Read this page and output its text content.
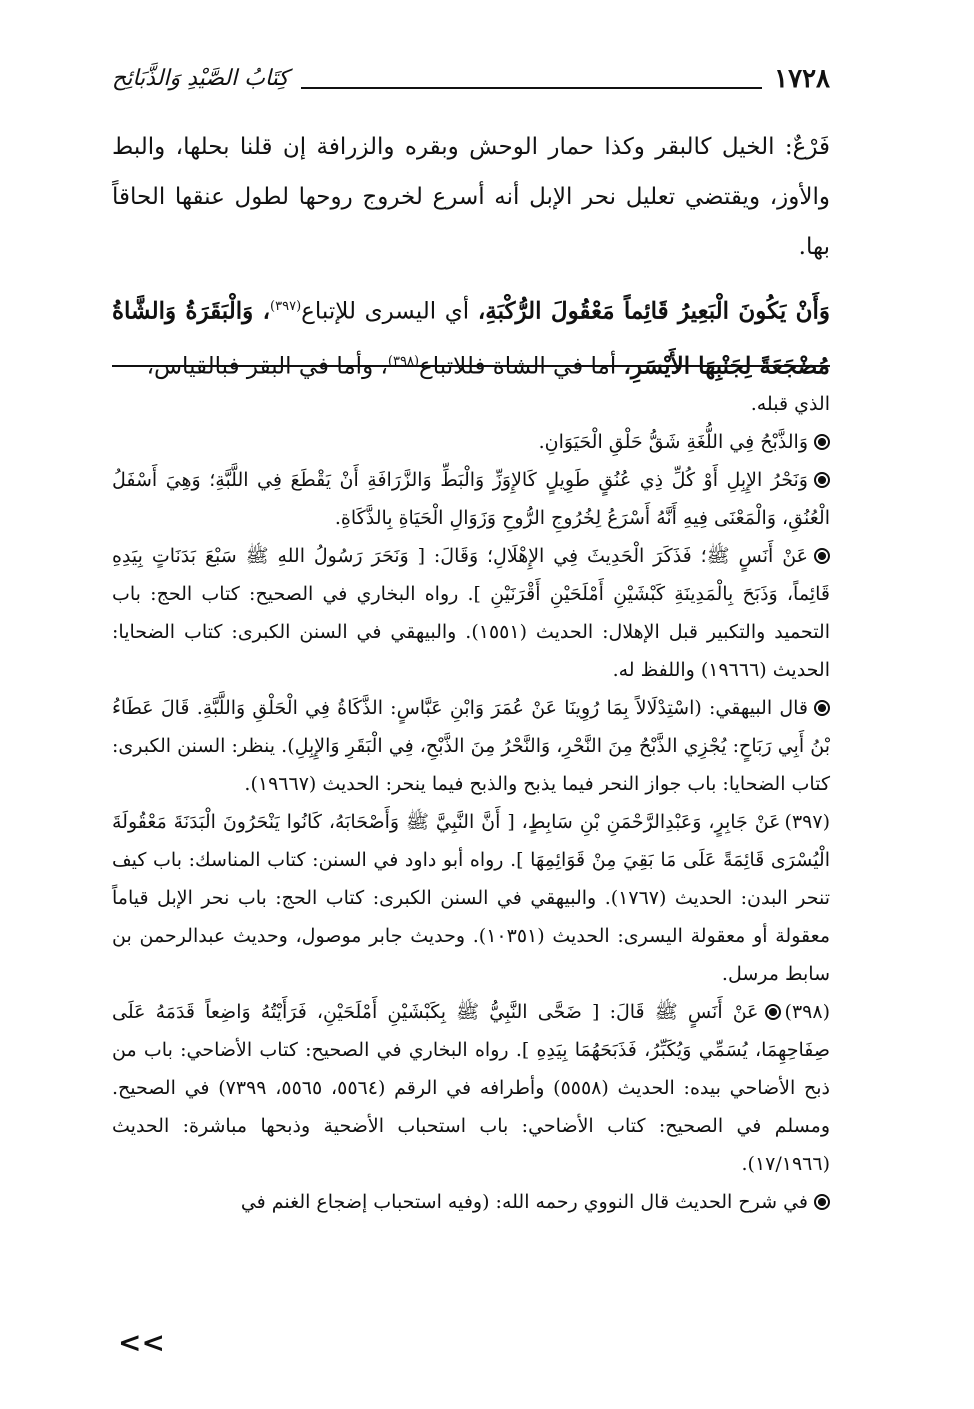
١٧٢٨
كِتَابُ الصَّيْدِ وَالذَّبَائِح

فَرْعٌ: الخيل كالبقر وكذا حمار الوحش وبقره والزرافة إن قلنا بحلها، والبط والأوز، ويقتضي تعليل نحر الإبل أنه أسرع لخروج روحها لطول عنقها الحاقاً بها.

وَأَنْ يَكُونَ الْبَعِيرُ قَائِماً مَعْقُولَ الرُّكْبَةِ، أي اليسرى للإتباع$^{(٣٩٧)}$، وَالْبَقَرَةُ وَالشَّاةُ مُضْجَعَةً لِجَنْبِهَا الأَيْسَرِ، أما في الشاة فللاتباع$^{(٣٩٨)}$، وأما في البقر فبالقياس،

الذي قبله.

وَالذَّبْحُ فِي اللُّغَةِ شَقُّ حَلْقِ الْحَيَوَانِ.

وَنَحْرُ الإِبِلِ أَوْ كُلِّ ذِي عُنُقٍ طَوِيلٍ كَالإِوَزِّ وَالْبَطِّ وَالزَّرَافَةِ أَنْ يَقْطَعَ فِي اللَّبَّةِ؛ وَهِيَ أَسْفَلُ الْعُنُقِ، وَالْمَعْنَى فِيهِ أَنَّهُ أَسْرَعُ لِخُرُوجِ الرُّوحِ وَزَوَالِ الْحَيَاةِ بِالذَّكَاةِ.

عَنْ أَنَسٍ ﷺ؛ فَذَكَرَ الْحَدِيثَ فِي الإِهْلَالِ؛ وَقَالَ: [ وَنَحَرَ رَسُولُ اللهِ ﷺ سَبْعَ بَدَنَاتٍ بِيَدِهِ قَائِماً، وَذَبَحَ بِالْمَدِينَةِ كَبْشَيْنِ أَمْلَحَيْنِ أَقْرَنَيْنِ ]. رواه البخاري في الصحيح: كتاب الحج: باب التحميد والتكبير قبل الإهلال: الحديث (١٥٥١). والبيهقي في السنن الكبرى: كتاب الضحايا: الحديث (١٩٦٦٦) واللفظ له.

قال البيهقي: (اسْتِدْلَالاً بِمَا رُوِينَا عَنْ عُمَرَ وَابْنِ عَبَّاسٍ: الذَّكَاةُ فِي الْحَلْقِ وَاللَّبَّةِ. قَالَ عَطَاءُ بْنُ أَبِي رَبَاحٍ: يُجْزِي الذَّبْحُ مِنَ النَّحْرِ، وَالنَّحْرُ مِنَ الذَّبْحِ، فِي الْبَقَرِ وَالإِبِلِ). ينظر: السنن الكبرى: كتاب الضحايا: باب جواز النحر فيما يذبح والذبح فيما ينحر: الحديث (١٩٦٦٧).

(٣٩٧)عَنْ جَابِرٍ، وَعَبْدِالرَّحْمَنِ بْنِ سَابِطٍ، [ أَنَّ النَّبِيَّ ﷺ وَأَصْحَابَهُ، كَانُوا يَنْحَرُونَ الْبَدَنَةَ مَعْقُولَةَ الْيُسْرَى قَائِمَةً عَلَى مَا بَقِيَ مِنْ قَوَائِمِهَا ]. رواه أبو داود في السنن: كتاب المناسك: باب كيف تنحر البدن: الحديث (١٧٦٧). والبيهقي في السنن الكبرى: كتاب الحج: باب نحر الإبل قياماً معقولة أو معقولة اليسرى: الحديث (١٠٣٥١). وحديث جابر موصول، وحديث عبدالرحمن بن سابط مرسل.

(٣٩٨)عَنْ أَنَسٍ ﷺ قَالَ: [ ضَحَّى النَّبِيُّ ﷺ بِكَبْشَيْنِ أَمْلَحَيْنِ، فَرَأَيْتُهُ وَاضِعاً قَدَمَهُ عَلَى صِفَاحِهِمَا، يُسَمِّي وَيُكَبِّرُ، فَذَبَحَهُمَا بِيَدِهِ ]. رواه البخاري في الصحيح: كتاب الأضاحي: باب من ذبح الأضاحي بيده: الحديث (٥٥٥٨) وأطرافه في الرقم (٥٥٦٤، ٥٥٦٥، ٧٣٩٩) في الصحيح. ومسلم في الصحيح: كتاب الأضاحي: باب استحباب الأضحية وذبحها مباشرة: الحديث (١٧/١٩٦٦).

في شرح الحديث قال النووي رحمه الله: (وفيه استحباب إضجاع الغنم في

<<
